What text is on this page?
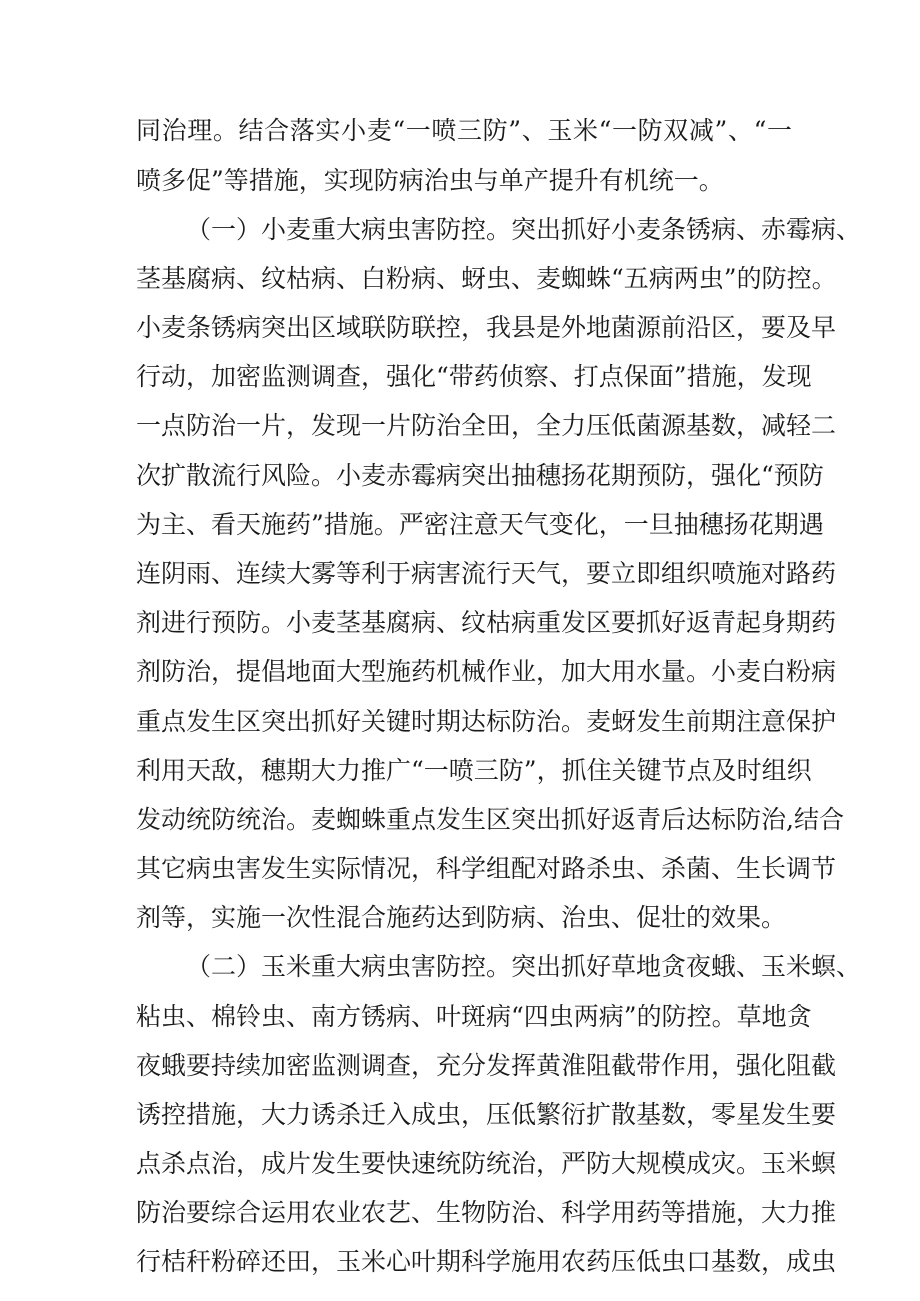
同治理。结合落实小麦“一喷三防”、玉米“一防双减”、“一
喷多促”等措施，实现防病治虫与单产提升有机统一。
（一）小麦重大病虫害防控。突出抓好小麦条锈病、赤霉病、
茎基腐病、纹枯病、白粉病、蚜虫、麦蜘蛛“五病两虫”的防控。
小麦条锈病突出区域联防联控，我县是外地菌源前沿区，要及早
行动，加密监测调查，强化“带药侦察、打点保面”措施，发现
一点防治一片，发现一片防治全田，全力压低菌源基数，减轻二
次扩散流行风险。小麦赤霉病突出抽穗扬花期预防，强化“预防
为主、看天施药”措施。严密注意天气变化，一旦抽穗扬花期遇
连阴雨、连续大雾等利于病害流行天气，要立即组织喷施对路药
剂进行预防。小麦茎基腐病、纹枯病重发区要抓好返青起身期药
剂防治，提倡地面大型施药机械作业，加大用水量。小麦白粉病
重点发生区突出抓好关键时期达标防治。麦蚜发生前期注意保护
利用天敌，穗期大力推广“一喷三防”，抓住关键节点及时组织
发动统防统治。麦蜘蛛重点发生区突出抓好返青后达标防治,结合
其它病虫害发生实际情况，科学组配对路杀虫、杀菌、生长调节
剂等，实施一次性混合施药达到防病、治虫、促壮的效果。
（二）玉米重大病虫害防控。突出抓好草地贪夜蛾、玉米螟、
粘虫、棉铃虫、南方锈病、叶斑病“四虫两病”的防控。草地贪
夜蛾要持续加密监测调查，充分发挥黄淮阻截带作用，强化阻截
诱控措施，大力诱杀迁入成虫，压低繁衍扩散基数，零星发生要
点杀点治，成片发生要快速统防统治，严防大规模成灾。玉米螟
防治要综合运用农业农艺、生物防治、科学用药等措施，大力推
行桔秆粉碎还田，玉米心叶期科学施用农药压低虫口基数，成虫
